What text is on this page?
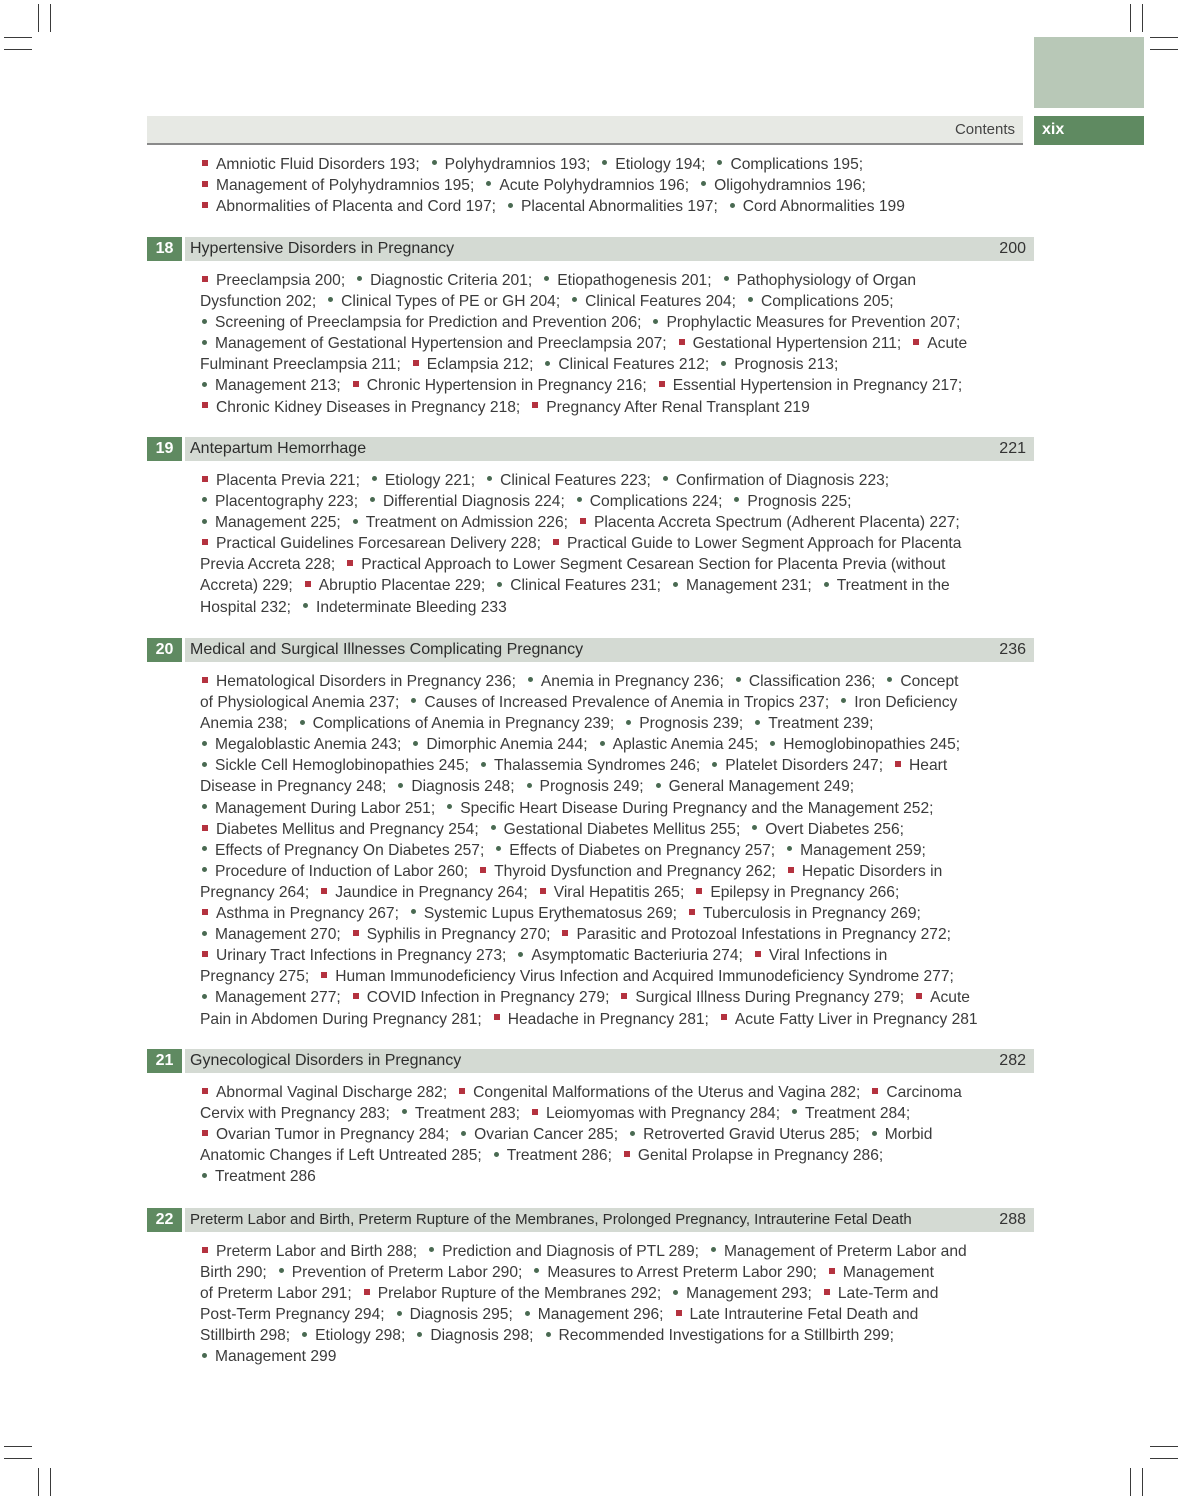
Contents xix
Amniotic Fluid Disorders 193; Polyhydramnios 193; Etiology 194; Complications 195;
Management of Polyhydramnios 195; Acute Polyhydramnios 196; Oligohydramnios 196;
Abnormalities of Placenta and Cord 197; Placental Abnormalities 197; Cord Abnormalities 199
18	Hypertensive Disorders in Pregnancy	200
Preeclampsia 200; Diagnostic Criteria 201; Etiopathogenesis 201; Pathophysiology of Organ
Dysfunction 202; Clinical Types of PE or GH 204; Clinical Features 204; Complications 205;
Screening of Preeclampsia for Prediction and Prevention 206; Prophylactic Measures for Prevention 207;
Management of Gestational Hypertension and Preeclampsia 207; Gestational Hypertension 211; Acute
Fulminant Preeclampsia 211; Eclampsia 212; Clinical Features 212; Prognosis 213;
Management 213; Chronic Hypertension in Pregnancy 216; Essential Hypertension in Pregnancy 217;
Chronic Kidney Diseases in Pregnancy 218; Pregnancy After Renal Transplant 219
19	Antepartum Hemorrhage	221
Placenta Previa 221; Etiology 221; Clinical Features 223; Confirmation of Diagnosis 223;
Placentography 223; Differential Diagnosis 224; Complications 224; Prognosis 225;
Management 225; Treatment on Admission 226; Placenta Accreta Spectrum (Adherent Placenta) 227;
Practical Guidelines Forcesarean Delivery 228; Practical Guide to Lower Segment Approach for Placenta
Previa Accreta 228; Practical Approach to Lower Segment Cesarean Section for Placenta Previa (without
Accreta) 229; Abruptio Placentae 229; Clinical Features 231; Management 231; Treatment in the
Hospital 232; Indeterminate Bleeding 233
20	Medical and Surgical Illnesses Complicating Pregnancy	236
Hematological Disorders in Pregnancy 236; Anemia in Pregnancy 236; Classification 236; Concept
of Physiological Anemia 237; Causes of Increased Prevalence of Anemia in Tropics 237; Iron Deficiency
Anemia 238; Complications of Anemia in Pregnancy 239; Prognosis 239; Treatment 239;
Megaloblastic Anemia 243; Dimorphic Anemia 244; Aplastic Anemia 245; Hemoglobinopathies 245;
Sickle Cell Hemoglobinopathies 245; Thalassemia Syndromes 246; Platelet Disorders 247; Heart
Disease in Pregnancy 248; Diagnosis 248; Prognosis 249; General Management 249;
Management During Labor 251; Specific Heart Disease During Pregnancy and the Management 252;
Diabetes Mellitus and Pregnancy 254; Gestational Diabetes Mellitus 255; Overt Diabetes 256;
Effects of Pregnancy On Diabetes 257; Effects of Diabetes on Pregnancy 257; Management 259;
Procedure of Induction of Labor 260; Thyroid Dysfunction and Pregnancy 262; Hepatic Disorders in
Pregnancy 264; Jaundice in Pregnancy 264; Viral Hepatitis 265; Epilepsy in Pregnancy 266;
Asthma in Pregnancy 267; Systemic Lupus Erythematosus 269; Tuberculosis in Pregnancy 269;
Management 270; Syphilis in Pregnancy 270; Parasitic and Protozoal Infestations in Pregnancy 272;
Urinary Tract Infections in Pregnancy 273; Asymptomatic Bacteriuria 274; Viral Infections in
Pregnancy 275; Human Immunodeficiency Virus Infection and Acquired Immunodeficiency Syndrome 277;
Management 277; COVID Infection in Pregnancy 279; Surgical Illness During Pregnancy 279; Acute
Pain in Abdomen During Pregnancy 281; Headache in Pregnancy 281; Acute Fatty Liver in Pregnancy 281
21	Gynecological Disorders in Pregnancy	282
Abnormal Vaginal Discharge 282; Congenital Malformations of the Uterus and Vagina 282; Carcinoma
Cervix with Pregnancy 283; Treatment 283; Leiomyomas with Pregnancy 284; Treatment 284;
Ovarian Tumor in Pregnancy 284; Ovarian Cancer 285; Retroverted Gravid Uterus 285; Morbid
Anatomic Changes if Left Untreated 285; Treatment 286; Genital Prolapse in Pregnancy 286;
Treatment 286
22	Preterm Labor and Birth, Preterm Rupture of the Membranes, Prolonged Pregnancy, Intrauterine Fetal Death	288
Preterm Labor and Birth 288; Prediction and Diagnosis of PTL 289; Management of Preterm Labor and
Birth 290; Prevention of Preterm Labor 290; Measures to Arrest Preterm Labor 290; Management
of Preterm Labor 291; Prelabor Rupture of the Membranes 292; Management 293; Late-Term and
Post-Term Pregnancy 294; Diagnosis 295; Management 296; Late Intrauterine Fetal Death and
Stillbirth 298; Etiology 298; Diagnosis 298; Recommended Investigations for a Stillbirth 299;
Management 299
